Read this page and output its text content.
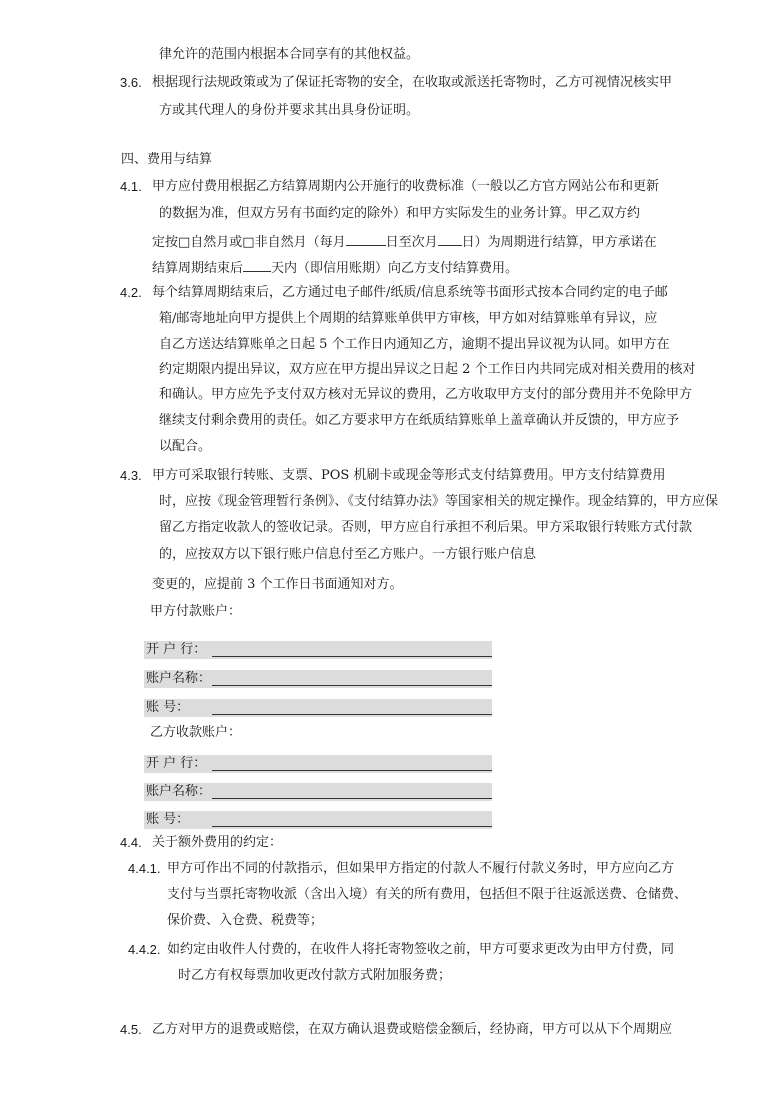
律允许的范围内根据本合同享有的其他权益。
3.6. 根据现行法规政策或为了保证托寄物的安全，在收取或派送托寄物时，乙方可视情况核实甲
方或其代理人的身份并要求其出具身份证明。
四、费用与结算
4.1. 甲方应付费用根据乙方结算周期内公开施行的收费标准（一般以乙方官方网站公布和更新
的数据为准，但双方另有书面约定的除外）和甲方实际发生的业务计算。甲乙双方约
定按□自然月或□非自然月（每月	日至次月 日）为周期进行结算，甲方承诺在
结算周期结束后 天内（即信用账期）向乙方支付结算费用。
4.2. 每个结算周期结束后，乙方通过电子邮件/纸质/信息系统等书面形式按本合同约定的电子邮
箱/邮寄地址向甲方提供上个周期的结算账单供甲方审核，甲方如对结算账单有异议，应
自乙方送达结算账单之日起 5 个工作日内通知乙方，逾期不提出异议视为认同。如甲方在
约定期限内提出异议，双方应在甲方提出异议之日起 2 个工作日内共同完成对相关费用的核对
和确认。甲方应先予支付双方核对无异议的费用，乙方收取甲方支付的部分费用并不免除甲方
继续支付剩余费用的责任。如乙方要求甲方在纸质结算账单上盖章确认并反馈的，甲方应予
以配合。
4.3. 甲方可采取银行转账、支票、POS 机刷卡或现金等形式支付结算费用。甲方支付结算费用
时，应按《现金管理暂行条例》、《支付结算办法》等国家相关的规定操作。现金结算的，甲方应保
留乙方指定收款人的签收记录。否则，甲方应自行承担不利后果。甲方采取银行转账方式付款
的，应按双方以下银行账户信息付至乙方账户。一方银行账户信息
变更的，应提前 3 个工作日书面通知对方。
甲方付款账户：
开 户 行：
账户名称：
账 号：
乙方收款账户：
开 户 行：
账户名称：
账 号：
4.4. 关于额外费用的约定：
4.4.1. 甲方可作出不同的付款指示，但如果甲方指定的付款人不履行付款义务时，甲方应向乙方
支付与当票托寄物收派（含出入境）有关的所有费用，包括但不限于往返派送费、仓储费、
保价费、入仓费、税费等；
4.4.2. 如约定由收件人付费的，在收件人将托寄物签收之前，甲方可要求更改为由甲方付费，同
时乙方有权每票加收更改付款方式附加服务费；
4.5. 乙方对甲方的退费或赔偿，在双方确认退费或赔偿金额后，经协商，甲方可以从下个周期应
